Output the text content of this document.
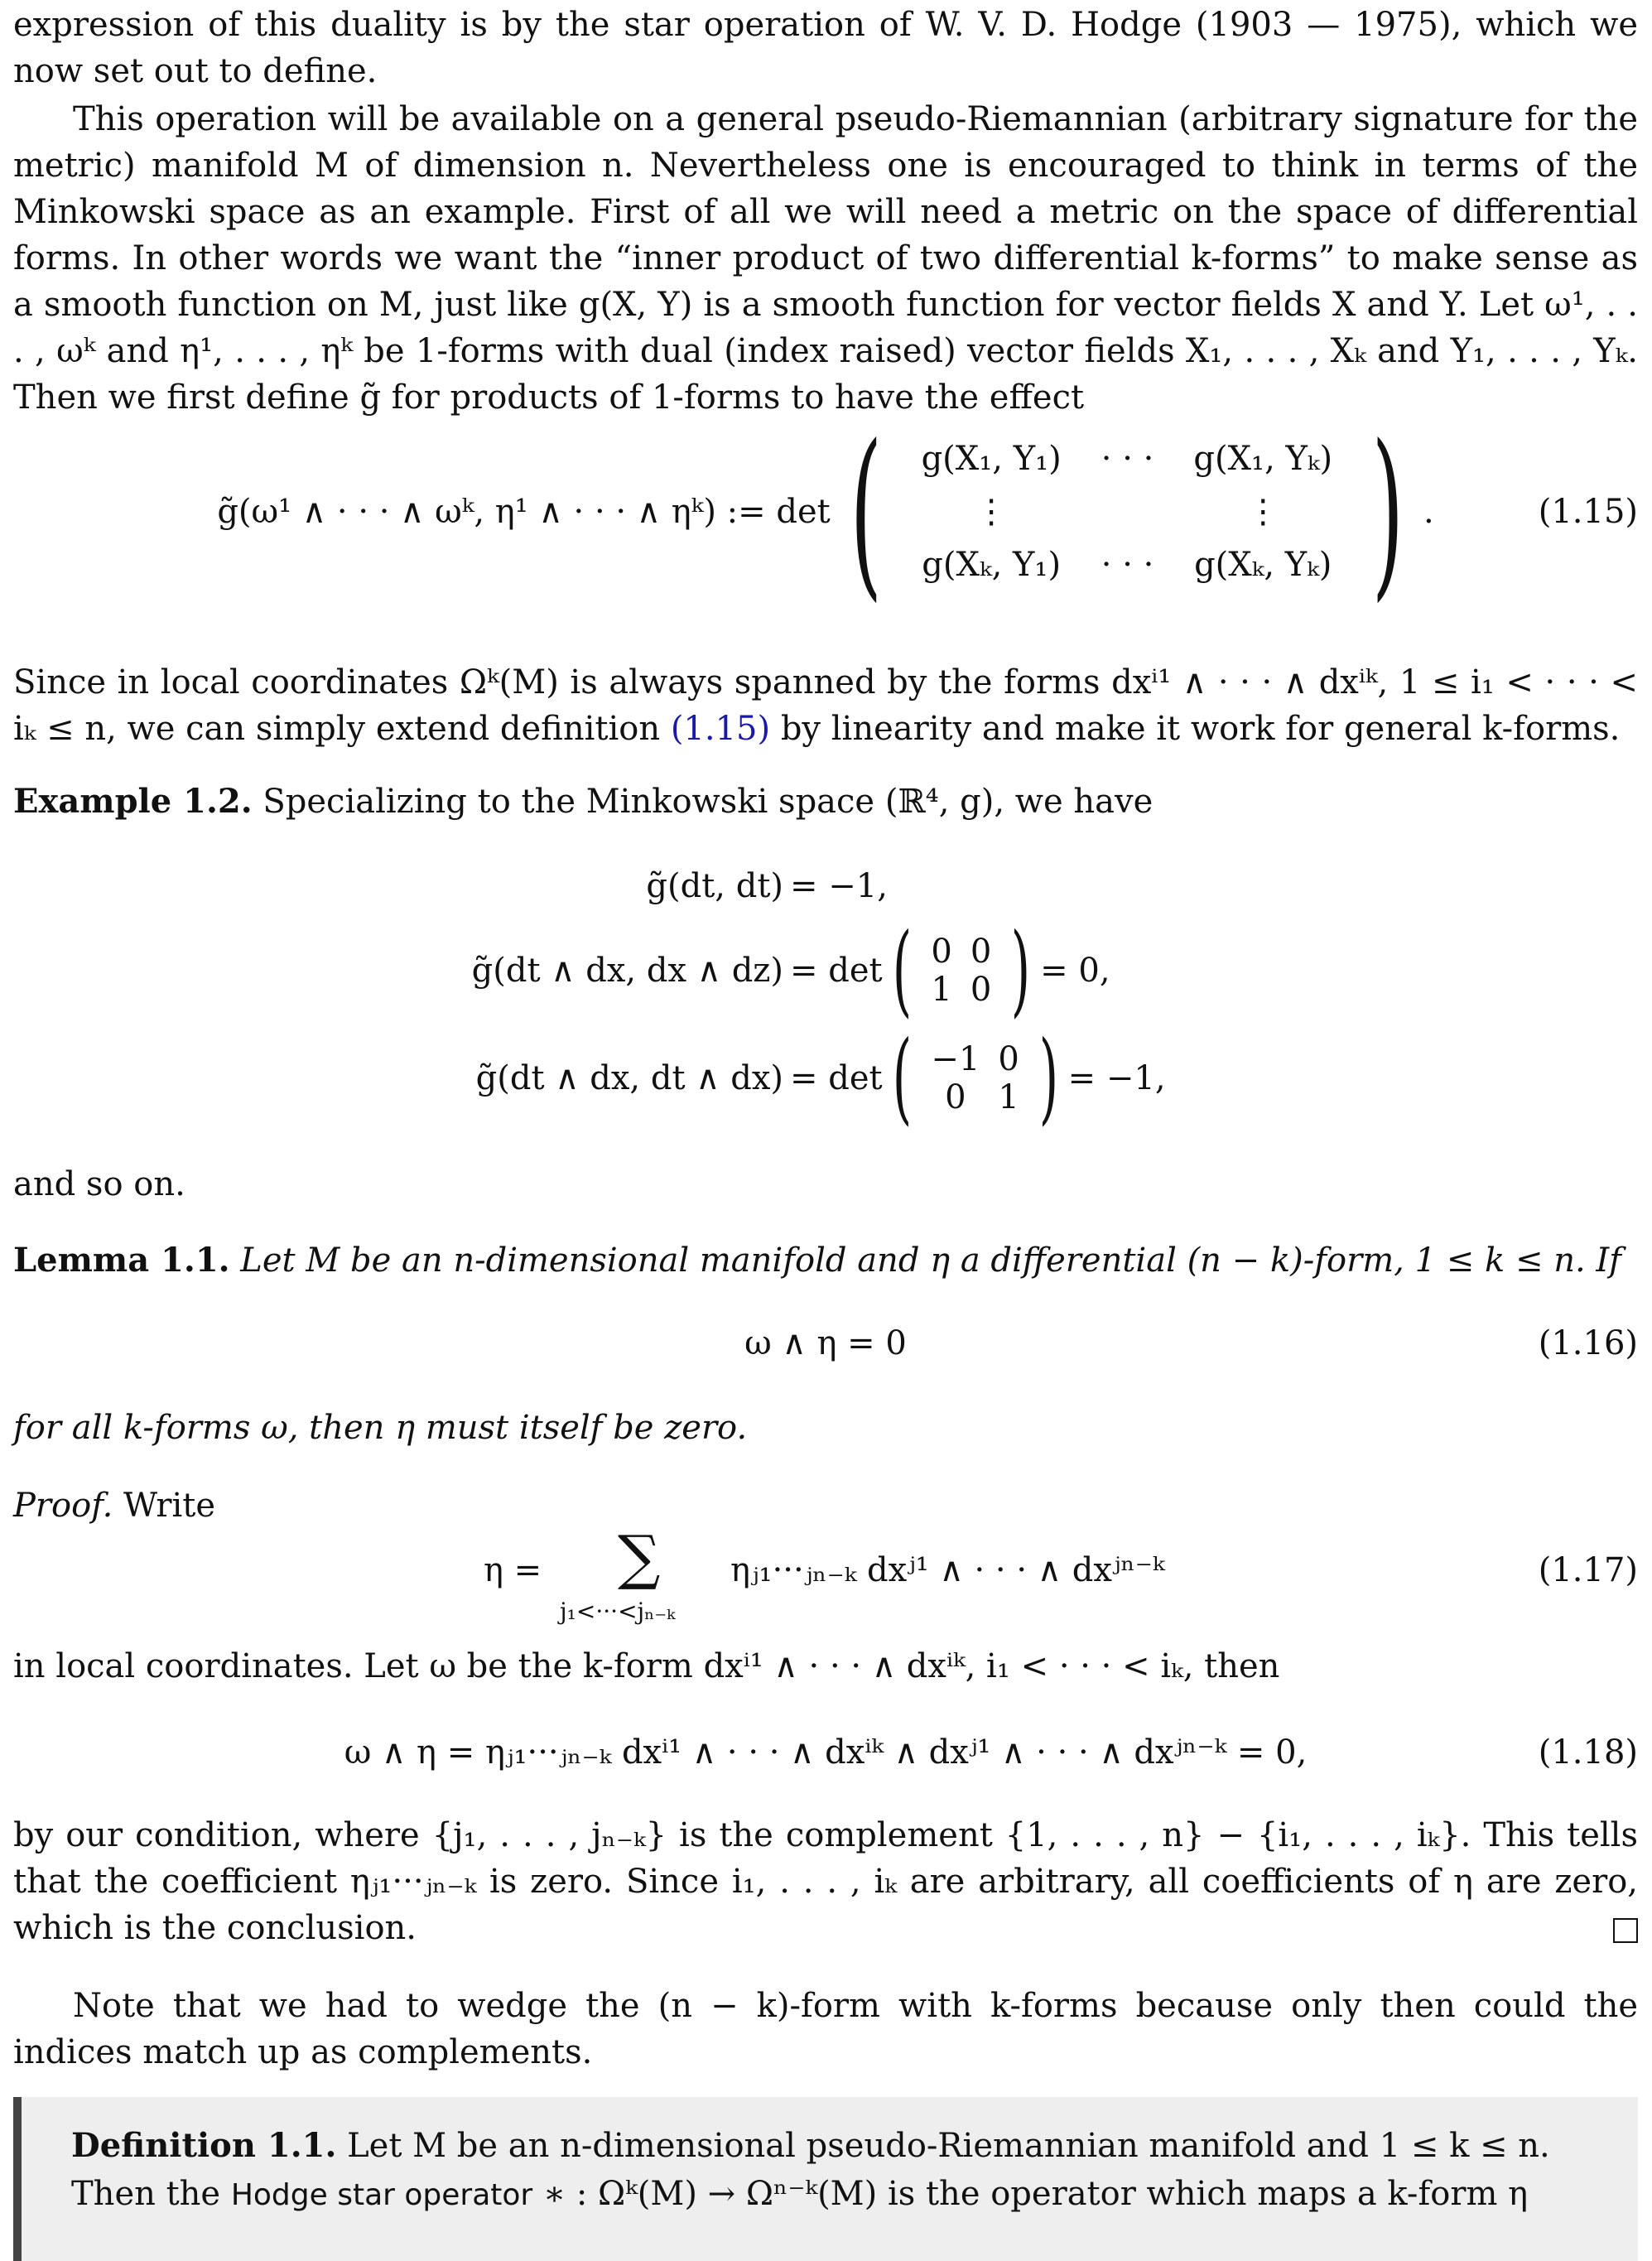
expression of this duality is by the star operation of W. V. D. Hodge (1903 — 1975), which we now set out to define.

This operation will be available on a general pseudo-Riemannian (arbitrary signature for the metric) manifold M of dimension n. Nevertheless one is encouraged to think in terms of the Minkowski space as an example. First of all we will need a metric on the space of differential forms. In other words we want the “inner product of two differential k-forms” to make sense as a smooth function on M, just like g(X, Y) is a smooth function for vector fields X and Y. Let ω¹, . . . , ωᵏ and η¹, . . . , ηᵏ be 1-forms with dual (index raised) vector fields X₁, . . . , Xₖ and Y₁, . . . , Yₖ. Then we first define g̃ for products of 1-forms to have the effect

g̃(ω¹ ∧ · · · ∧ ωᵏ, η¹ ∧ · · · ∧ ηᵏ) := det ( g(X₁, Y₁)	· · ·	g(X₁, Yₖ)
⋮		⋮
g(Xₖ, Y₁)	· · ·	g(Xₖ, Yₖ) ) .	(1.15)

Since in local coordinates Ωᵏ(M) is always spanned by the forms dxⁱ¹ ∧ · · · ∧ dxⁱᵏ, 1 ≤ i₁ < · · · < iₖ ≤ n, we can simply extend definition (1.15) by linearity and make it work for general k-forms.

Example 1.2. Specializing to the Minkowski space (ℝ⁴, g), we have

g̃(dt, dt) = −1,
g̃(dt ∧ dx, dx ∧ dz) = det ( 0	0
1	0 ) = 0,
g̃(dt ∧ dx, dt ∧ dx) = det ( −1	0
0	1 ) = −1,

and so on.

Lemma 1.1. Let M be an n-dimensional manifold and η a differential (n − k)-form, 1 ≤ k ≤ n. If

ω ∧ η = 0	(1.16)

for all k-forms ω, then η must itself be zero.

Proof. Write

η = ∑
j₁<···<jₙ₋ₖ
ηⱼ₁···ⱼₙ₋ₖ dxʲ¹ ∧ · · · ∧ dxʲⁿ⁻ᵏ	(1.17)

in local coordinates. Let ω be the k-form dxⁱ¹ ∧ · · · ∧ dxⁱᵏ, i₁ < · · · < iₖ, then

ω ∧ η = ηⱼ₁···ⱼₙ₋ₖ dxⁱ¹ ∧ · · · ∧ dxⁱᵏ ∧ dxʲ¹ ∧ · · · ∧ dxʲⁿ⁻ᵏ = 0,	(1.18)

by our condition, where {j₁, . . . , jₙ₋ₖ} is the complement {1, . . . , n} − {i₁, . . . , iₖ}. This tells that the coefficient ηⱼ₁···ⱼₙ₋ₖ is zero. Since i₁, . . . , iₖ are arbitrary, all coefficients of η are zero, which is the conclusion.

Note that we had to wedge the (n − k)-form with k-forms because only then could the indices match up as complements.

Definition 1.1. Let M be an n-dimensional pseudo-Riemannian manifold and 1 ≤ k ≤ n. Then the Hodge star operator ∗ : Ωᵏ(M) → Ωⁿ⁻ᵏ(M) is the operator which maps a k-form η
